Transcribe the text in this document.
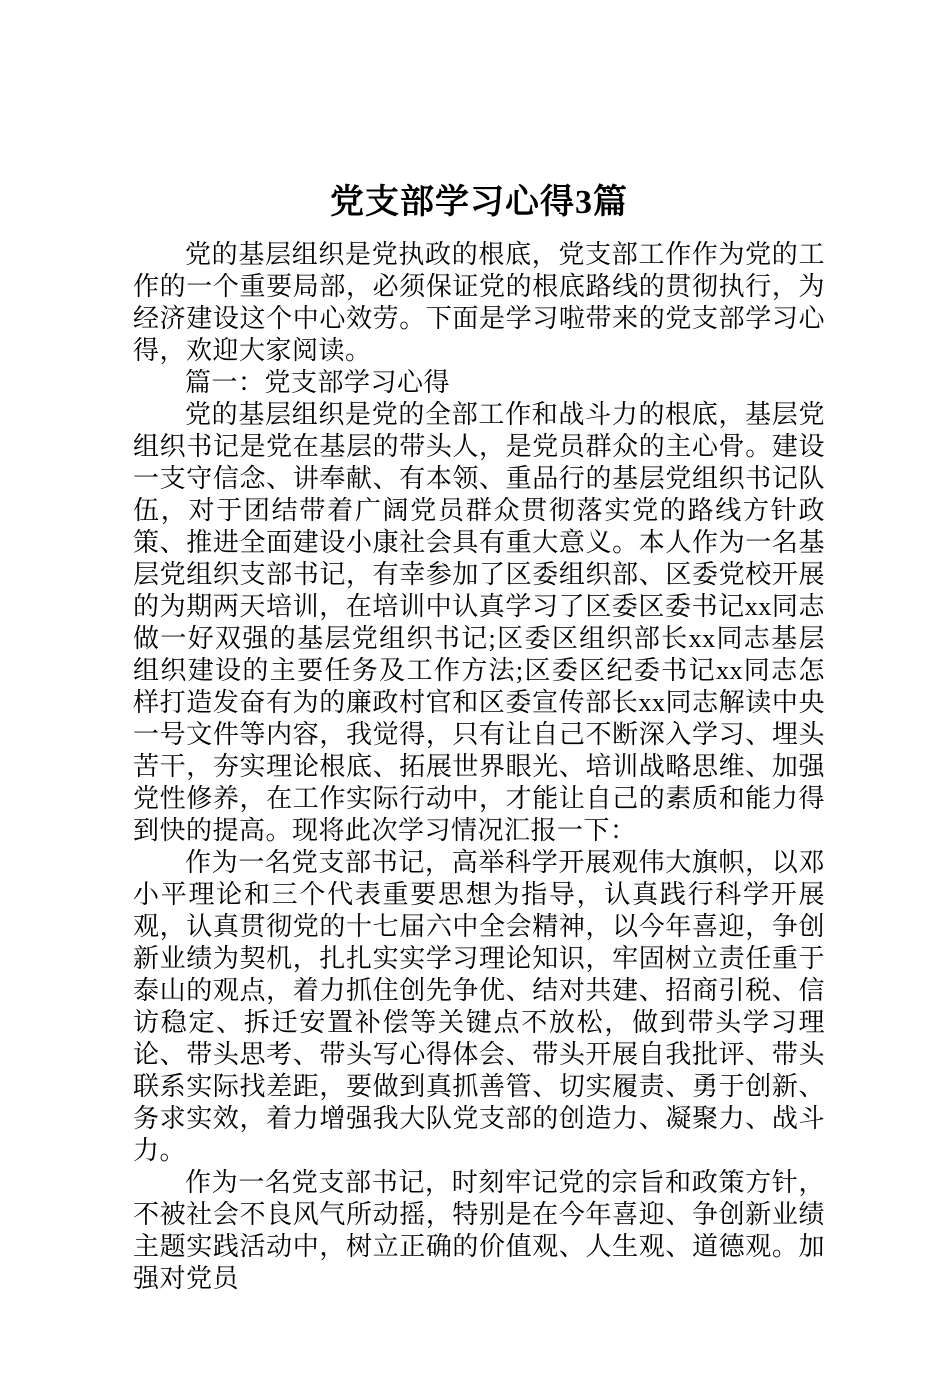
党支部学习心得3篇

党的基层组织是党执政的根底，党支部工作作为党的工作的一个重要局部，必须保证党的根底路线的贯彻执行，为经济建设这个中心效劳。下面是学习啦带来的党支部学习心得，欢迎大家阅读。

篇一：党支部学习心得

党的基层组织是党的全部工作和战斗力的根底，基层党组织书记是党在基层的带头人，是党员群众的主心骨。建设一支守信念、讲奉献、有本领、重品行的基层党组织书记队伍，对于团结带着广阔党员群众贯彻落实党的路线方针政策、推进全面建设小康社会具有重大意义。本人作为一名基层党组织支部书记，有幸参加了区委组织部、区委党校开展的为期两天培训，在培训中认真学习了区委区委书记xx同志做一好双强的基层党组织书记;区委区组织部长xx同志基层组织建设的主要任务及工作方法;区委区纪委书记xx同志怎样打造发奋有为的廉政村官和区委宣传部长xx同志解读中央一号文件等内容，我觉得，只有让自己不断深入学习、埋头苦干，夯实理论根底、拓展世界眼光、培训战略思维、加强党性修养，在工作实际行动中，才能让自己的素质和能力得到快的提高。现将此次学习情况汇报一下：

作为一名党支部书记，高举科学开展观伟大旗帜，以邓小平理论和三个代表重要思想为指导，认真践行科学开展观，认真贯彻党的十七届六中全会精神，以今年喜迎，争创新业绩为契机，扎扎实实学习理论知识，牢固树立责任重于泰山的观点，着力抓住创先争优、结对共建、招商引税、信访稳定、拆迁安置补偿等关键点不放松，做到带头学习理论、带头思考、带头写心得体会、带头开展自我批评、带头联系实际找差距，要做到真抓善管、切实履责、勇于创新、务求实效，着力增强我大队党支部的创造力、凝聚力、战斗力。

作为一名党支部书记，时刻牢记党的宗旨和政策方针，不被社会不良风气所动摇，特别是在今年喜迎、争创新业绩主题实践活动中，树立正确的价值观、人生观、道德观。加强对党员
